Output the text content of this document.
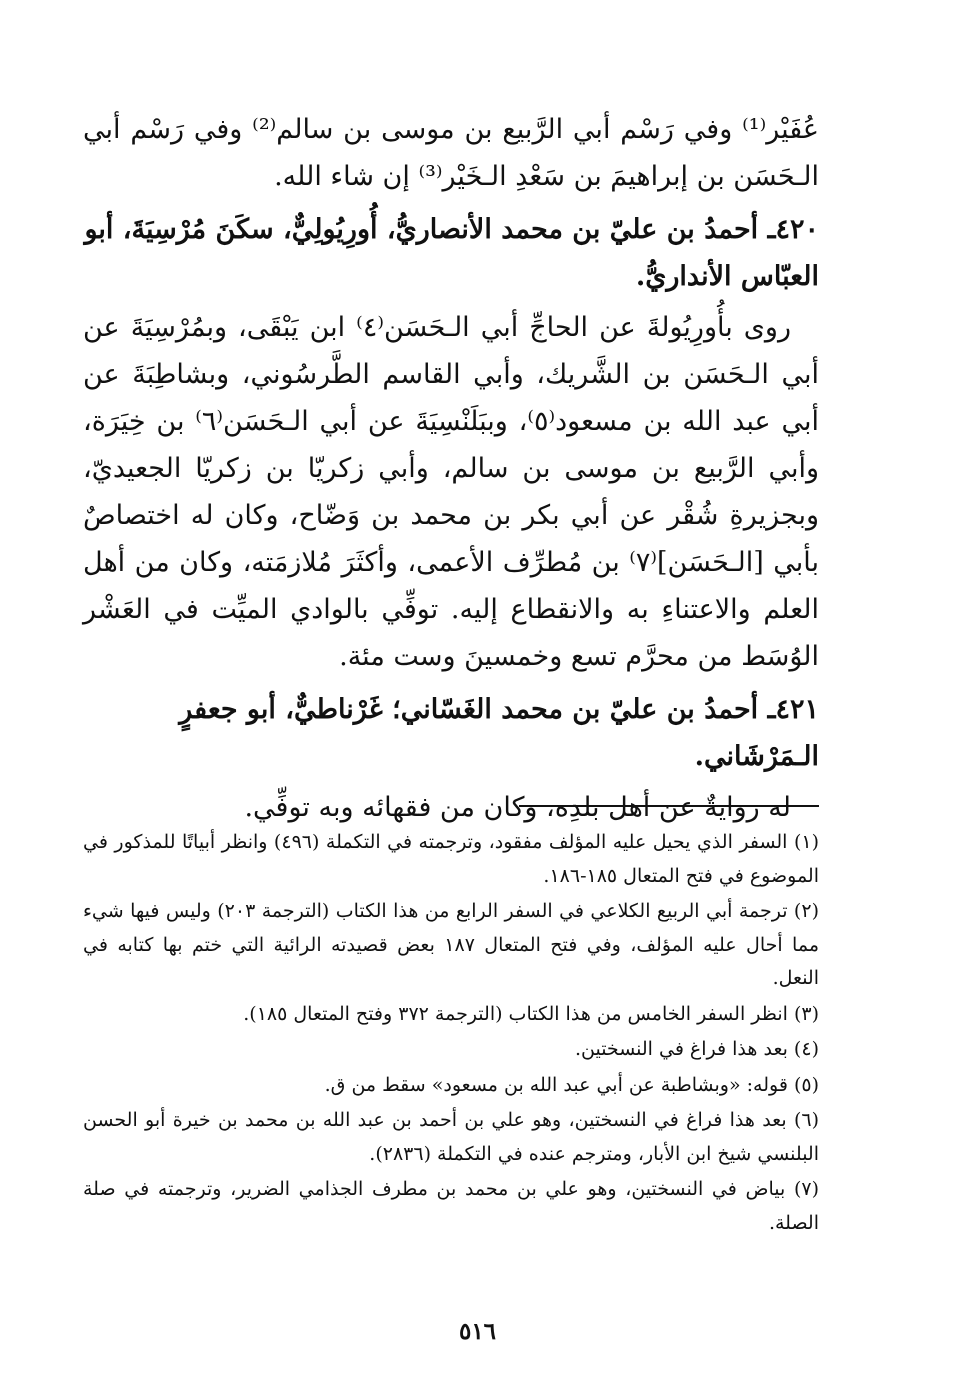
عُفَيْر⁽¹⁾ وفي رَسْم أبي الرَّبيع بن موسى بن سالم⁽²⁾ وفي رَسْم أبي الـحَسَن بن إبراهيمَ بن سَعْدِ الـخَيْر⁽³⁾ إن شاء الله.
٤٢٠ـ أحمدُ بن عليّ بن محمد الأنصاريُّ، أُورِيُولِيٌّ، سكَنَ مُرْسِيَةَ، أبو العبّاس الأنداريُّ.
روى بأُورِيُولةَ عن الحاجِّ أبي الـحَسَن⁽٤⁾ ابن يَبْقَى، وبمُرْسِيَةَ عن أبي الـحَسَن بن الشَّريك، وأبي القاسم الطَّرسُوني، وبشاطِبَةَ عن أبي عبد الله بن مسعود⁽٥⁾، وببَلَنْسِيَةَ عن أبي الـحَسَن⁽٦⁾ بن خِيَرَة، وأبي الرَّبيع بن موسى بن سالم، وأبي زكريّا بن زكريّا الجعيديّ، وبجزيرةِ شُقْر عن أبي بكر بن محمد بن وَضّاح، وكان له اختصاصٌ بأبي [الـحَسَن]⁽٧⁾ بن مُطرِّف الأعمى، وأكثَرَ مُلازمَته، وكان من أهل العلم والاعتناءِ به والانقطاع إليه. توفِّي بالوادي الميِّت في العَشْر الوُسَط من محرَّم تسع وخمسينَ وست مئة.
٤٢١ـ أحمدُ بن عليّ بن محمد الغَسّاني؛ غَرْناطيٌّ، أبو جعفرٍ الـمَرْشَاني.
له روايةٌ عن أهل بلدِه، وكان من فقهائه وبه توفِّي.
(١) السفر الذي يحيل عليه المؤلف مفقود، وترجمته في التكملة (٤٩٦) وانظر أبياتًا للمذكور في الموضوع في فتح المتعال ١٨٥-١٨٦.
(٢) ترجمة أبي الربيع الكلاعي في السفر الرابع من هذا الكتاب (الترجمة ٢٠٣) وليس فيها شيء مما أحال عليه المؤلف، وفي فتح المتعال ١٨٧ بعض قصيدته الرائية التي ختم بها كتابه في النعل.
(٣) انظر السفر الخامس من هذا الكتاب (الترجمة ٣٧٢ وفتح المتعال ١٨٥).
(٤) بعد هذا فراغ في النسختين.
(٥) قوله: «وبشاطبة عن أبي عبد الله بن مسعود» سقط من ق.
(٦) بعد هذا فراغ في النسختين، وهو علي بن أحمد بن عبد الله بن محمد بن خيرة أبو الحسن البلنسي شيخ ابن الأبار، ومترجم عنده في التكملة (٢٨٣٦).
(٧) بياض في النسختين، وهو علي بن محمد بن مطرف الجذامي الضرير، وترجمته في صلة الصلة.
٥١٦
